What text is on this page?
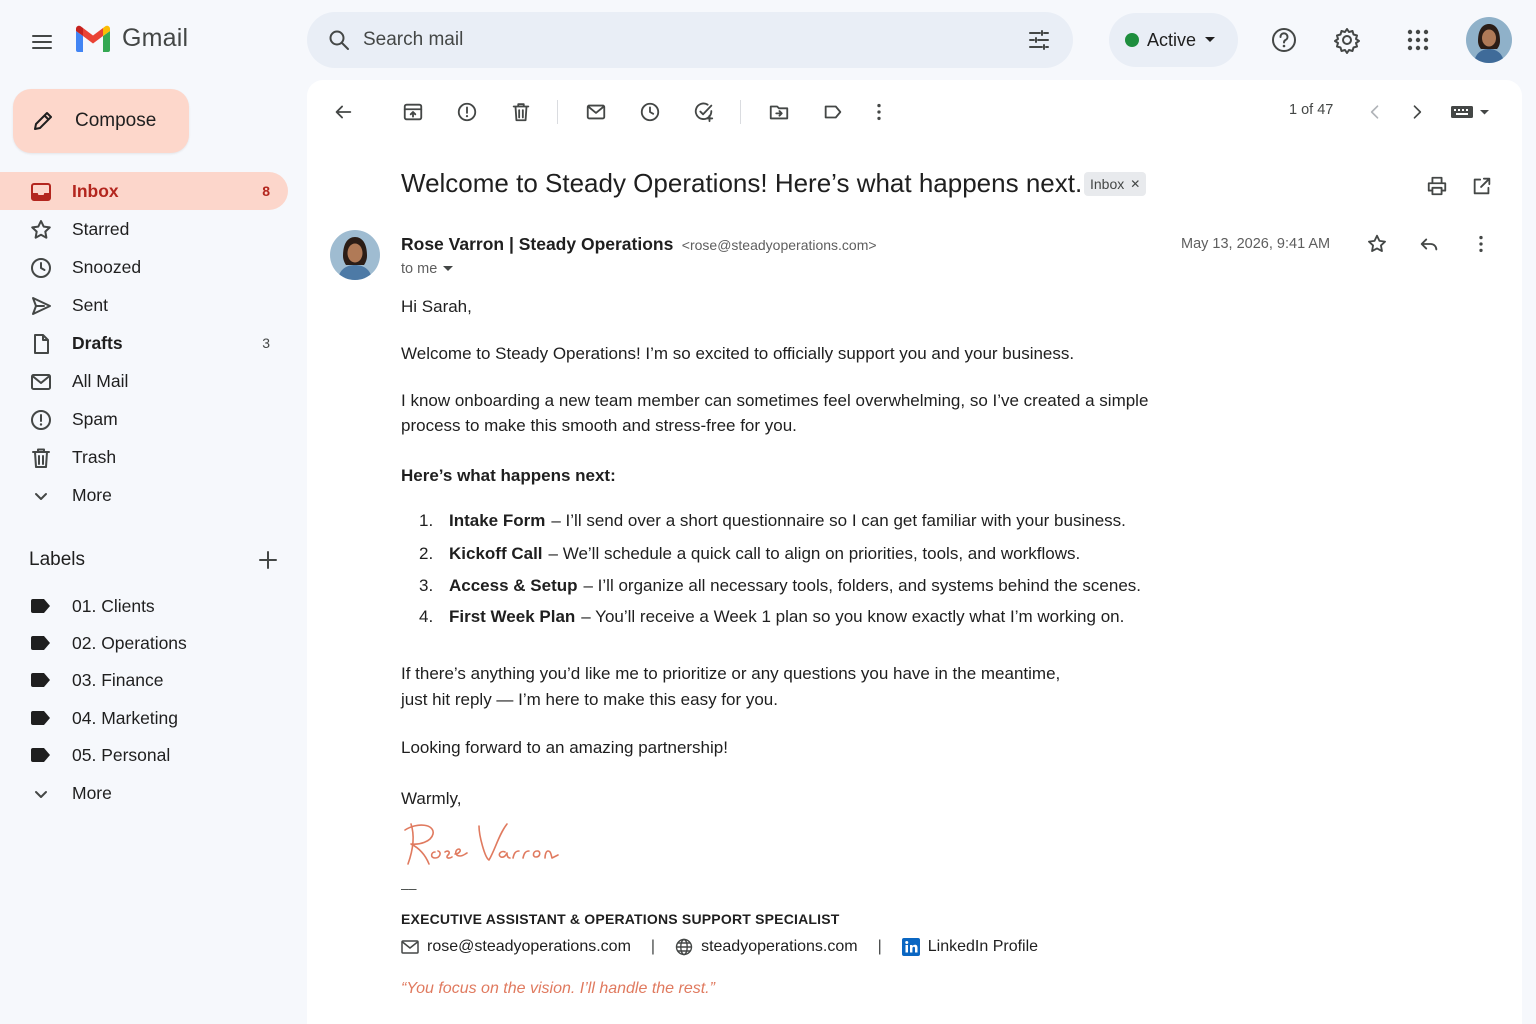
Gmail
Search mail	Active
Compose
Inbox	8
Starred
Snoozed
Sent
Drafts	3
All Mail
Spam
Trash
More
Labels
01. Clients
02. Operations
03. Finance
04. Marketing
05. Personal
More
1 of 47
Welcome to Steady Operations! Here’s what happens next. Inbox ✕
Rose Varron | Steady Operations <rose@steadyoperations.com>
to me
May 13, 2026, 9:41 AM
Hi Sarah,
Welcome to Steady Operations! I’m so excited to officially support you and your business.
I know onboarding a new team member can sometimes feel overwhelming, so I’ve created a simple
process to make this smooth and stress-free for you.
Here’s what happens next:
1. Intake Form – I’ll send over a short questionnaire so I can get familiar with your business.
2. Kickoff Call – We’ll schedule a quick call to align on priorities, tools, and workflows.
3. Access & Setup – I’ll organize all necessary tools, folders, and systems behind the scenes.
4. First Week Plan – You’ll receive a Week 1 plan so you know exactly what I’m working on.
If there’s anything you’d like me to prioritize or any questions you have in the meantime,
just hit reply — I’m here to make this easy for you.
Looking forward to an amazing partnership!
Warmly,
––
EXECUTIVE ASSISTANT & OPERATIONS SUPPORT SPECIALIST
rose@steadyoperations.com |	steadyoperations.com |	LinkedIn Profile
“You focus on the vision. I’ll handle the rest.”
